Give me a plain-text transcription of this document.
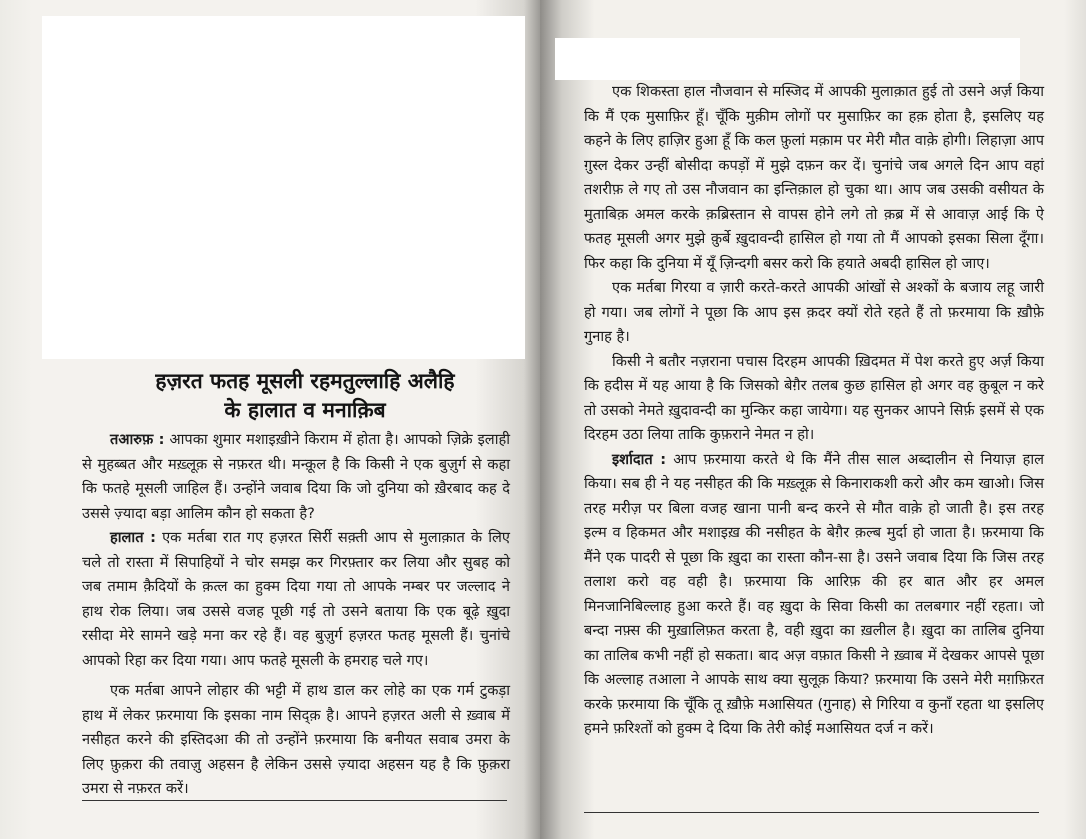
हज़रत फतह मूसली रहमतुल्लाहि अलैहि
के हालात व मनाक़िब

तआरुफ़ : आपका शुमार मशाइख़ीने किराम में होता है। आपको ज़िक्रे इलाही से मुहब्बत और मख़्लूक़ से नफ़रत थी। मन्क़ूल है कि किसी ने एक बुज़ुर्ग से कहा कि फतहे मूसली जाहिल हैं। उन्होंने जवाब दिया कि जो दुनिया को ख़ैरबाद कह दे उससे ज़्यादा बड़ा आलिम कौन हो सकता है?

हालात : एक मर्तबा रात गए हज़रत सिर्री सक़्ती आप से मुलाक़ात के लिए चले तो रास्ता में सिपाहियों ने चोर समझ कर गिरफ़्तार कर लिया और सुबह को जब तमाम क़ैदियों के क़त्ल का हुक्म दिया गया तो आपके नम्बर पर जल्लाद ने हाथ रोक लिया। जब उससे वजह पूछी गई तो उसने बताया कि एक बूढ़े ख़ुदा रसीदा मेरे सामने खड़े मना कर रहे हैं। वह बुज़ुर्ग हज़रत फतह मूसली हैं। चुनांचे आपको रिहा कर दिया गया। आप फतहे मूसली के हमराह चले गए।

एक मर्तबा आपने लोहार की भट्टी में हाथ डाल कर लोहे का एक गर्म टुकड़ा हाथ में लेकर फ़रमाया कि इसका नाम सिद्क़ है। आपने हज़रत अली से ख़्वाब में नसीहत करने की इस्तिदआ की तो उन्होंने फ़रमाया कि बनीयत सवाब उमरा के लिए फ़ुक़रा की तवाज़ु अहसन है लेकिन उससे ज़्यादा अहसन यह है कि फ़ुक़रा उमरा से नफ़रत करें।

एक शिकस्ता हाल नौजवान से मस्जिद में आपकी मुलाक़ात हुई तो उसने अर्ज़ किया कि मैं एक मुसाफ़िर हूँ। चूँकि मुक़ीम लोगों पर मुसाफ़िर का हक़ होता है, इसलिए यह कहने के लिए हाज़िर हुआ हूँ कि कल फ़ुलां मक़ाम पर मेरी मौत वाक़े होगी। लिहाज़ा आप ग़ुस्ल देकर उन्हीं बोसीदा कपड़ों में मुझे दफ़न कर दें। चुनांचे जब अगले दिन आप वहां तशरीफ़ ले गए तो उस नौजवान का इन्तिक़ाल हो चुका था। आप जब उसकी वसीयत के मुताबिक़ अमल करके क़ब्रिस्तान से वापस होने लगे तो क़ब्र में से आवाज़ आई कि ऐ फतह मूसली अगर मुझे क़ुर्बे ख़ुदावन्दी हासिल हो गया तो मैं आपको इसका सिला दूँगा। फिर कहा कि दुनिया में यूँ ज़िन्दगी बसर करो कि हयाते अबदी हासिल हो जाए।

एक मर्तबा गिरया व ज़ारी करते-करते आपकी आंखों से अश्कों के बजाय लहू जारी हो गया। जब लोगों ने पूछा कि आप इस क़दर क्यों रोते रहते हैं तो फ़रमाया कि ख़ौफ़े गुनाह है।

किसी ने बतौर नज़राना पचास दिरहम आपकी ख़िदमत में पेश करते हुए अर्ज़ किया कि हदीस में यह आया है कि जिसको बेग़ैर तलब कुछ हासिल हो अगर वह क़ुबूल न करे तो उसको नेमते ख़ुदावन्दी का मुन्किर कहा जायेगा। यह सुनकर आपने सिर्फ़ इसमें से एक दिरहम उठा लिया ताकि कुफ़राने नेमत न हो।

इर्शादात : आप फ़रमाया करते थे कि मैंने तीस साल अब्दालीन से नियाज़ हाल किया। सब ही ने यह नसीहत की कि मख़्लूक़ से किनाराकशी करो और कम खाओ। जिस तरह मरीज़ पर बिला वजह खाना पानी बन्द करने से मौत वाक़े हो जाती है। इस तरह इल्म व हिकमत और मशाइख़ की नसीहत के बेग़ैर क़ल्ब मुर्दा हो जाता है। फ़रमाया कि मैंने एक पादरी से पूछा कि ख़ुदा का रास्ता कौन-सा है। उसने जवाब दिया कि जिस तरह तलाश करो वह वही है। फ़रमाया कि आरिफ़ की हर बात और हर अमल मिनजानिबिल्लाह हुआ करते हैं। वह ख़ुदा के सिवा किसी का तलबगार नहीं रहता। जो बन्दा नफ़्स की मुख़ालिफ़त करता है, वही ख़ुदा का ख़लील है। ख़ुदा का तालिब दुनिया का तालिब कभी नहीं हो सकता। बाद अज़ वफ़ात किसी ने ख़्वाब में देखकर आपसे पूछा कि अल्लाह तआला ने आपके साथ क्या सुलूक़ किया? फ़रमाया कि उसने मेरी मग़फ़िरत करके फ़रमाया कि चूँकि तू ख़ौफ़े मआसियत (गुनाह) से गिरिया व कुनाँ रहता था इसलिए हमने फ़रिश्तों को हुक्म दे दिया कि तेरी कोई मआसियत दर्ज न करें।
